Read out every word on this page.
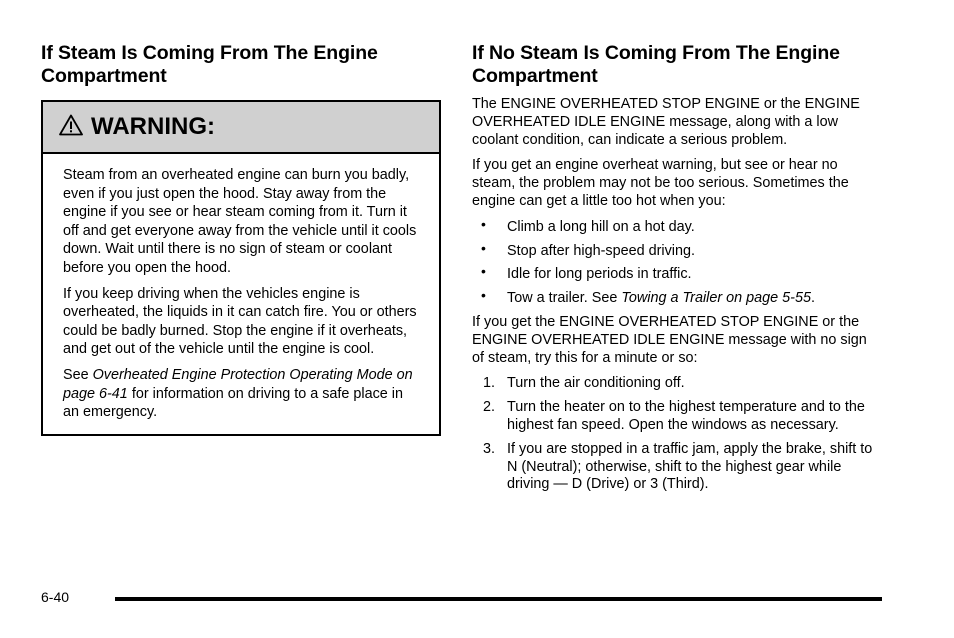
If Steam Is Coming From The Engine Compartment
WARNING:

Steam from an overheated engine can burn you badly, even if you just open the hood. Stay away from the engine if you see or hear steam coming from it. Turn it off and get everyone away from the vehicle until it cools down. Wait until there is no sign of steam or coolant before you open the hood.

If you keep driving when the vehicles engine is overheated, the liquids in it can catch fire. You or others could be badly burned. Stop the engine if it overheats, and get out of the vehicle until the engine is cool.

See Overheated Engine Protection Operating Mode on page 6-41 for information on driving to a safe place in an emergency.

If No Steam Is Coming From The Engine Compartment

The ENGINE OVERHEATED STOP ENGINE or the ENGINE OVERHEATED IDLE ENGINE message, along with a low coolant condition, can indicate a serious problem.

If you get an engine overheat warning, but see or hear no steam, the problem may not be too serious. Sometimes the engine can get a little too hot when you:

• Climb a long hill on a hot day.
• Stop after high-speed driving.
• Idle for long periods in traffic.
• Tow a trailer. See Towing a Trailer on page 5-55.

If you get the ENGINE OVERHEATED STOP ENGINE or the ENGINE OVERHEATED IDLE ENGINE message with no sign of steam, try this for a minute or so:

1. Turn the air conditioning off.
2. Turn the heater on to the highest temperature and to the highest fan speed. Open the windows as necessary.
3. If you are stopped in a traffic jam, apply the brake, shift to N (Neutral); otherwise, shift to the highest gear while driving — D (Drive) or 3 (Third).
6-40
